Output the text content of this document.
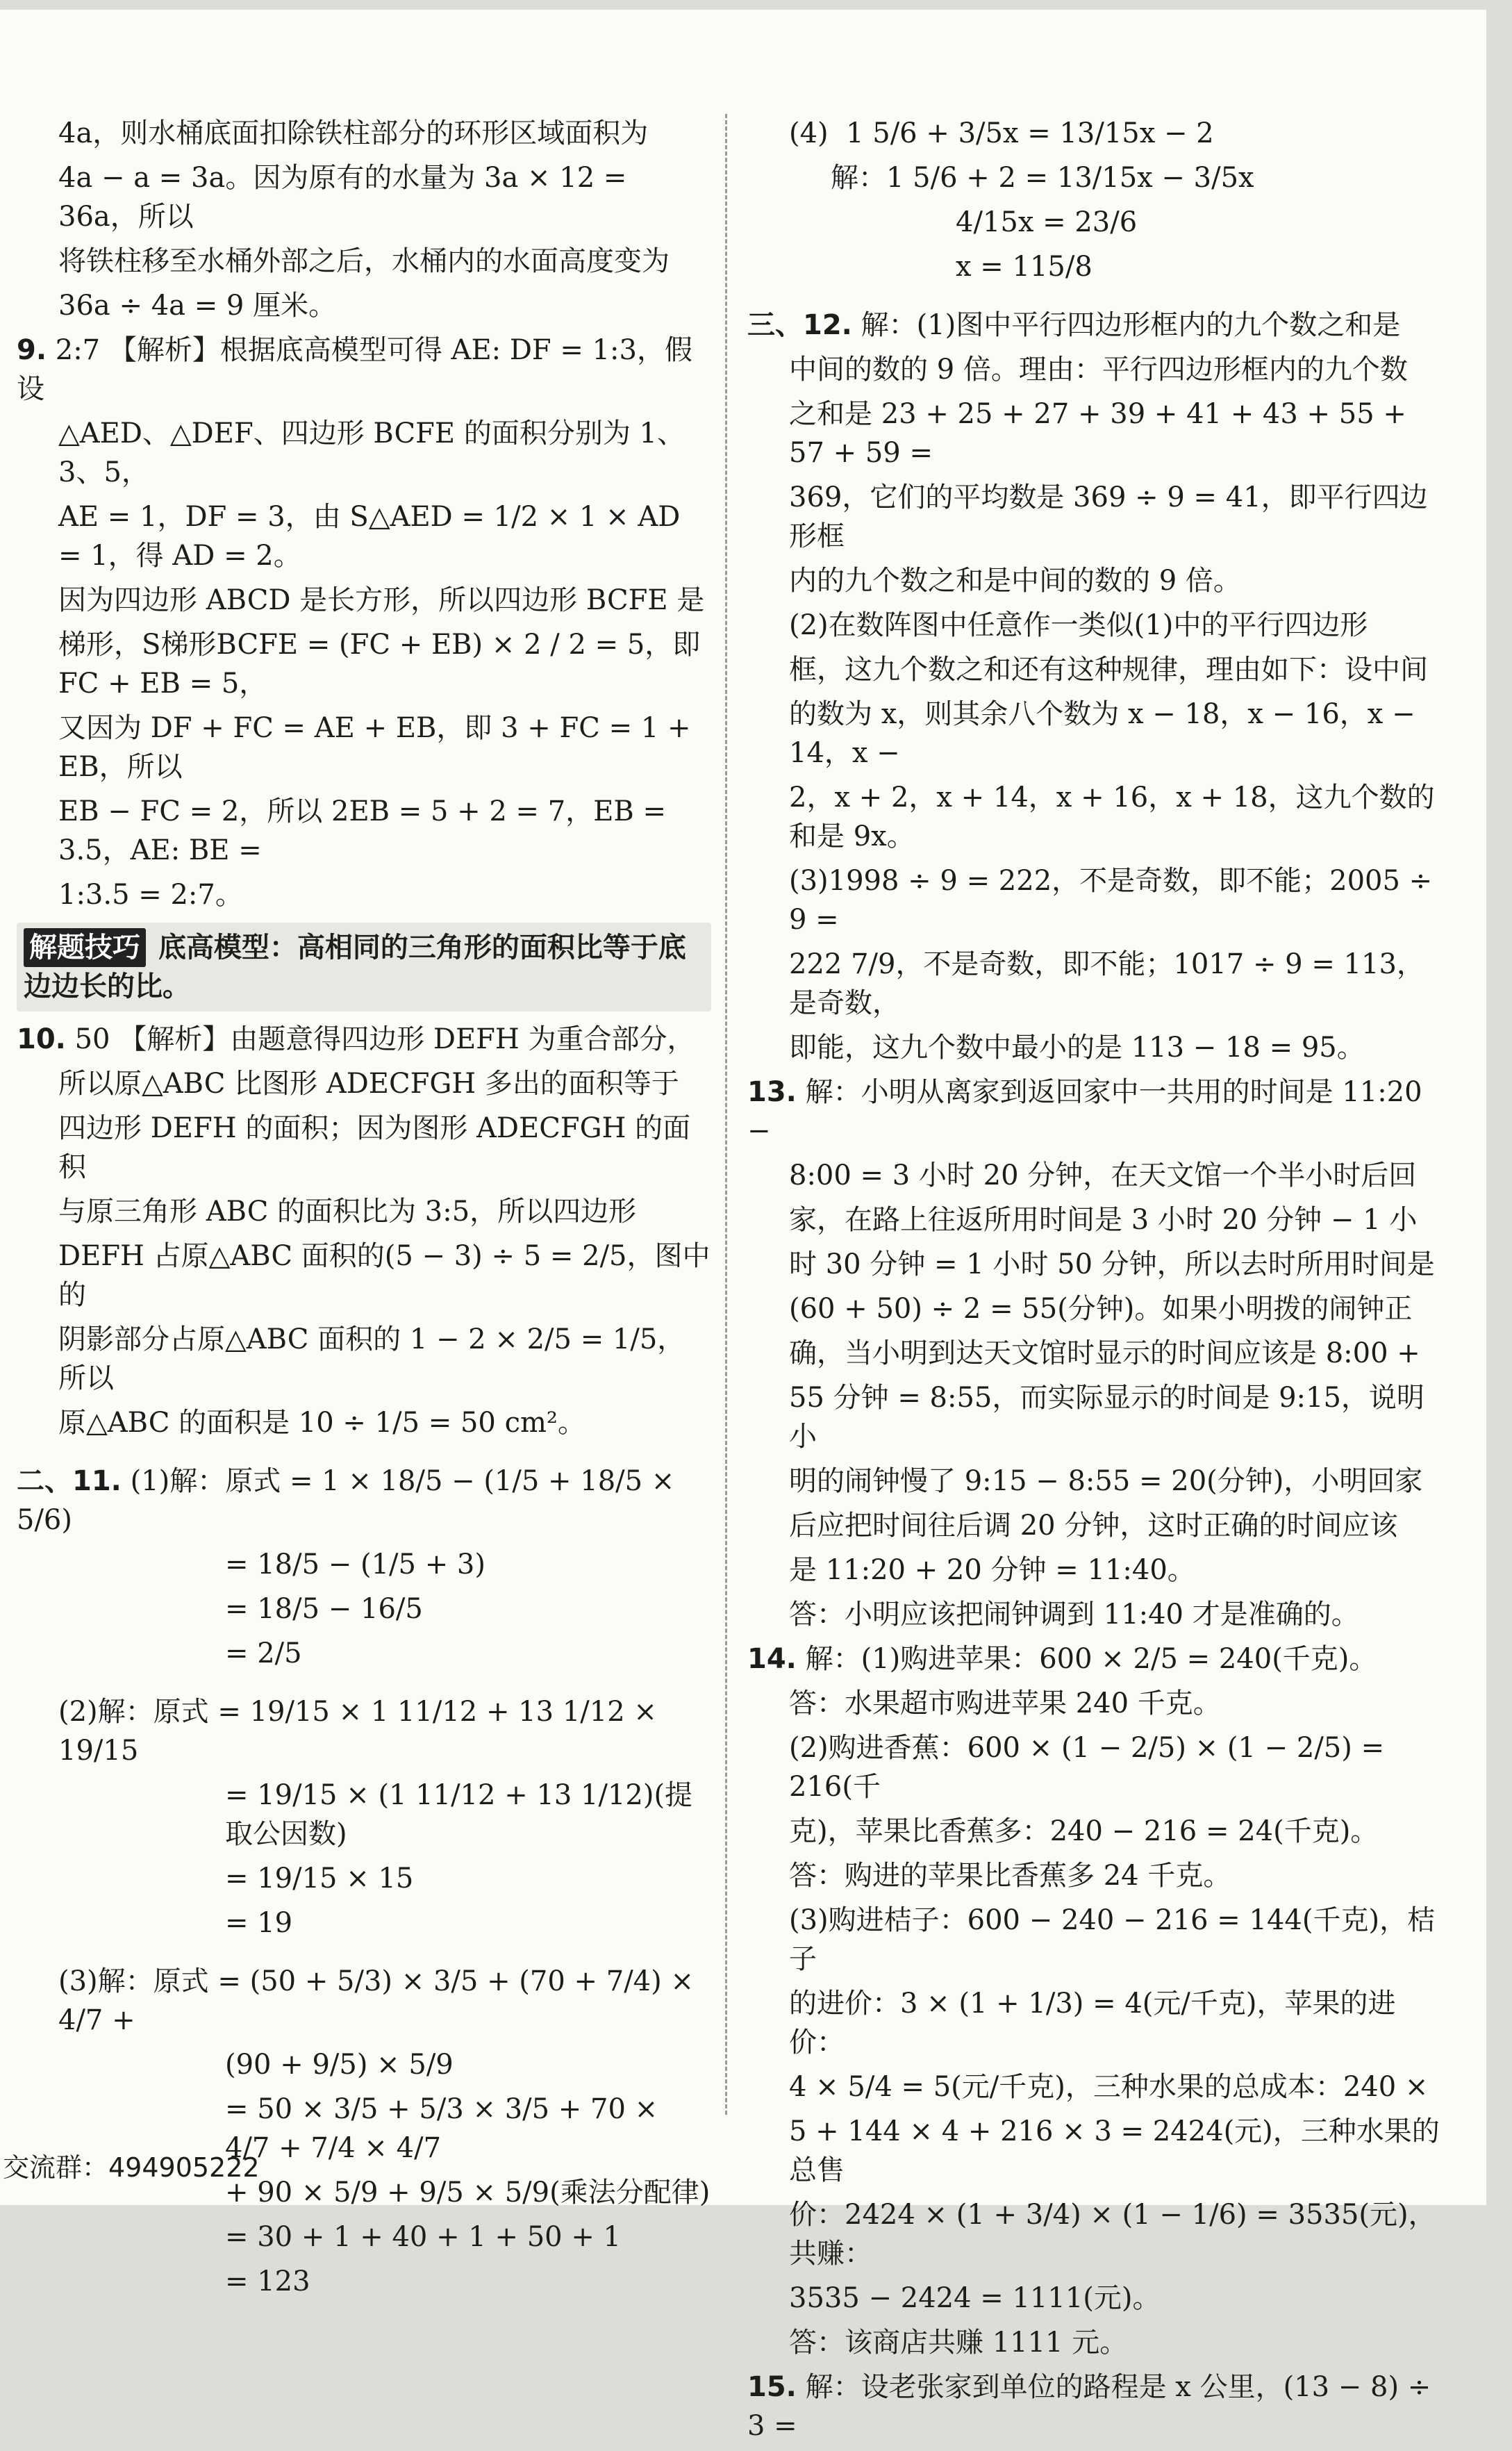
4a，则水桶底面扣除铁柱部分的环形区域面积为

4a − a = 3a。因为原有的水量为 3a × 12 = 36a，所以

将铁柱移至水桶外部之后，水桶内的水面高度变为

36a ÷ 4a = 9 厘米。

9. 2:7 【解析】根据底高模型可得 AE: DF = 1:3，假设

△AED、△DEF、四边形 BCFE 的面积分别为 1、3、5，

AE = 1，DF = 3，由 S△AED = 1/2 × 1 × AD = 1，得 AD = 2。

因为四边形 ABCD 是长方形，所以四边形 BCFE 是

梯形，S梯形BCFE = (FC + EB) × 2 / 2 = 5，即 FC + EB = 5，

又因为 DF + FC = AE + EB，即 3 + FC = 1 + EB，所以

EB − FC = 2，所以 2EB = 5 + 2 = 7，EB = 3.5，AE: BE =

1:3.5 = 2:7。

解题技巧 底高模型：高相同的三角形的面积比等于底边边长的比。

10. 50 【解析】由题意得四边形 DEFH 为重合部分，

所以原△ABC 比图形 ADECFGH 多出的面积等于

四边形 DEFH 的面积；因为图形 ADECFGH 的面积

与原三角形 ABC 的面积比为 3:5，所以四边形

DEFH 占原△ABC 面积的(5 − 3) ÷ 5 = 2/5，图中的

阴影部分占原△ABC 面积的 1 − 2 × 2/5 = 1/5，所以

原△ABC 的面积是 10 ÷ 1/5 = 50 cm²。

二、11. (1)解：原式 = 1 × 18/5 − (1/5 + 18/5 × 5/6)

= 18/5 − (1/5 + 3)

= 18/5 − 16/5

= 2/5

(2)解：原式 = 19/15 × 1 11/12 + 13 1/12 × 19/15

= 19/15 × (1 11/12 + 13 1/12)(提取公因数)

= 19/15 × 15

= 19

(3)解：原式 = (50 + 5/3) × 3/5 + (70 + 7/4) × 4/7 +

(90 + 9/5) × 5/9

= 50 × 3/5 + 5/3 × 3/5 + 70 × 4/7 + 7/4 × 4/7

+ 90 × 5/9 + 9/5 × 5/9(乘法分配律)

= 30 + 1 + 40 + 1 + 50 + 1

= 123

(4)  1 5/6 + 3/5x = 13/15x − 2

解：1 5/6 + 2 = 13/15x − 3/5x

4/15x = 23/6

x = 115/8

三、12. 解：(1)图中平行四边形框内的九个数之和是

中间的数的 9 倍。理由：平行四边形框内的九个数

之和是 23 + 25 + 27 + 39 + 41 + 43 + 55 + 57 + 59 =

369，它们的平均数是 369 ÷ 9 = 41，即平行四边形框

内的九个数之和是中间的数的 9 倍。

(2)在数阵图中任意作一类似(1)中的平行四边形

框，这九个数之和还有这种规律，理由如下：设中间

的数为 x，则其余八个数为 x − 18，x − 16，x − 14，x −

2，x + 2，x + 14，x + 16，x + 18，这九个数的和是 9x。

(3)1998 ÷ 9 = 222，不是奇数，即不能；2005 ÷ 9 =

222 7/9，不是奇数，即不能；1017 ÷ 9 = 113，是奇数，

即能，这九个数中最小的是 113 − 18 = 95。

13. 解：小明从离家到返回家中一共用的时间是 11:20 −

8:00 = 3 小时 20 分钟，在天文馆一个半小时后回

家，在路上往返所用时间是 3 小时 20 分钟 − 1 小

时 30 分钟 = 1 小时 50 分钟，所以去时所用时间是

(60 + 50) ÷ 2 = 55(分钟)。如果小明拨的闹钟正

确，当小明到达天文馆时显示的时间应该是 8:00 +

55 分钟 = 8:55，而实际显示的时间是 9:15，说明小

明的闹钟慢了 9:15 − 8:55 = 20(分钟)，小明回家

后应把时间往后调 20 分钟，这时正确的时间应该

是 11:20 + 20 分钟 = 11:40。

答：小明应该把闹钟调到 11:40 才是准确的。

14. 解：(1)购进苹果：600 × 2/5 = 240(千克)。

答：水果超市购进苹果 240 千克。

(2)购进香蕉：600 × (1 − 2/5) × (1 − 2/5) = 216(千

克)，苹果比香蕉多：240 − 216 = 24(千克)。

答：购进的苹果比香蕉多 24 千克。

(3)购进桔子：600 − 240 − 216 = 144(千克)，桔子

的进价：3 × (1 + 1/3) = 4(元/千克)，苹果的进价：

4 × 5/4 = 5(元/千克)，三种水果的总成本：240 ×

5 + 144 × 4 + 216 × 3 = 2424(元)，三种水果的总售

价：2424 × (1 + 3/4) × (1 − 1/6) = 3535(元)，共赚：

3535 − 2424 = 1111(元)。

答：该商店共赚 1111 元。

15. 解：设老张家到单位的路程是 x 公里，(13 − 8) ÷ 3 =

交流群：494905222
